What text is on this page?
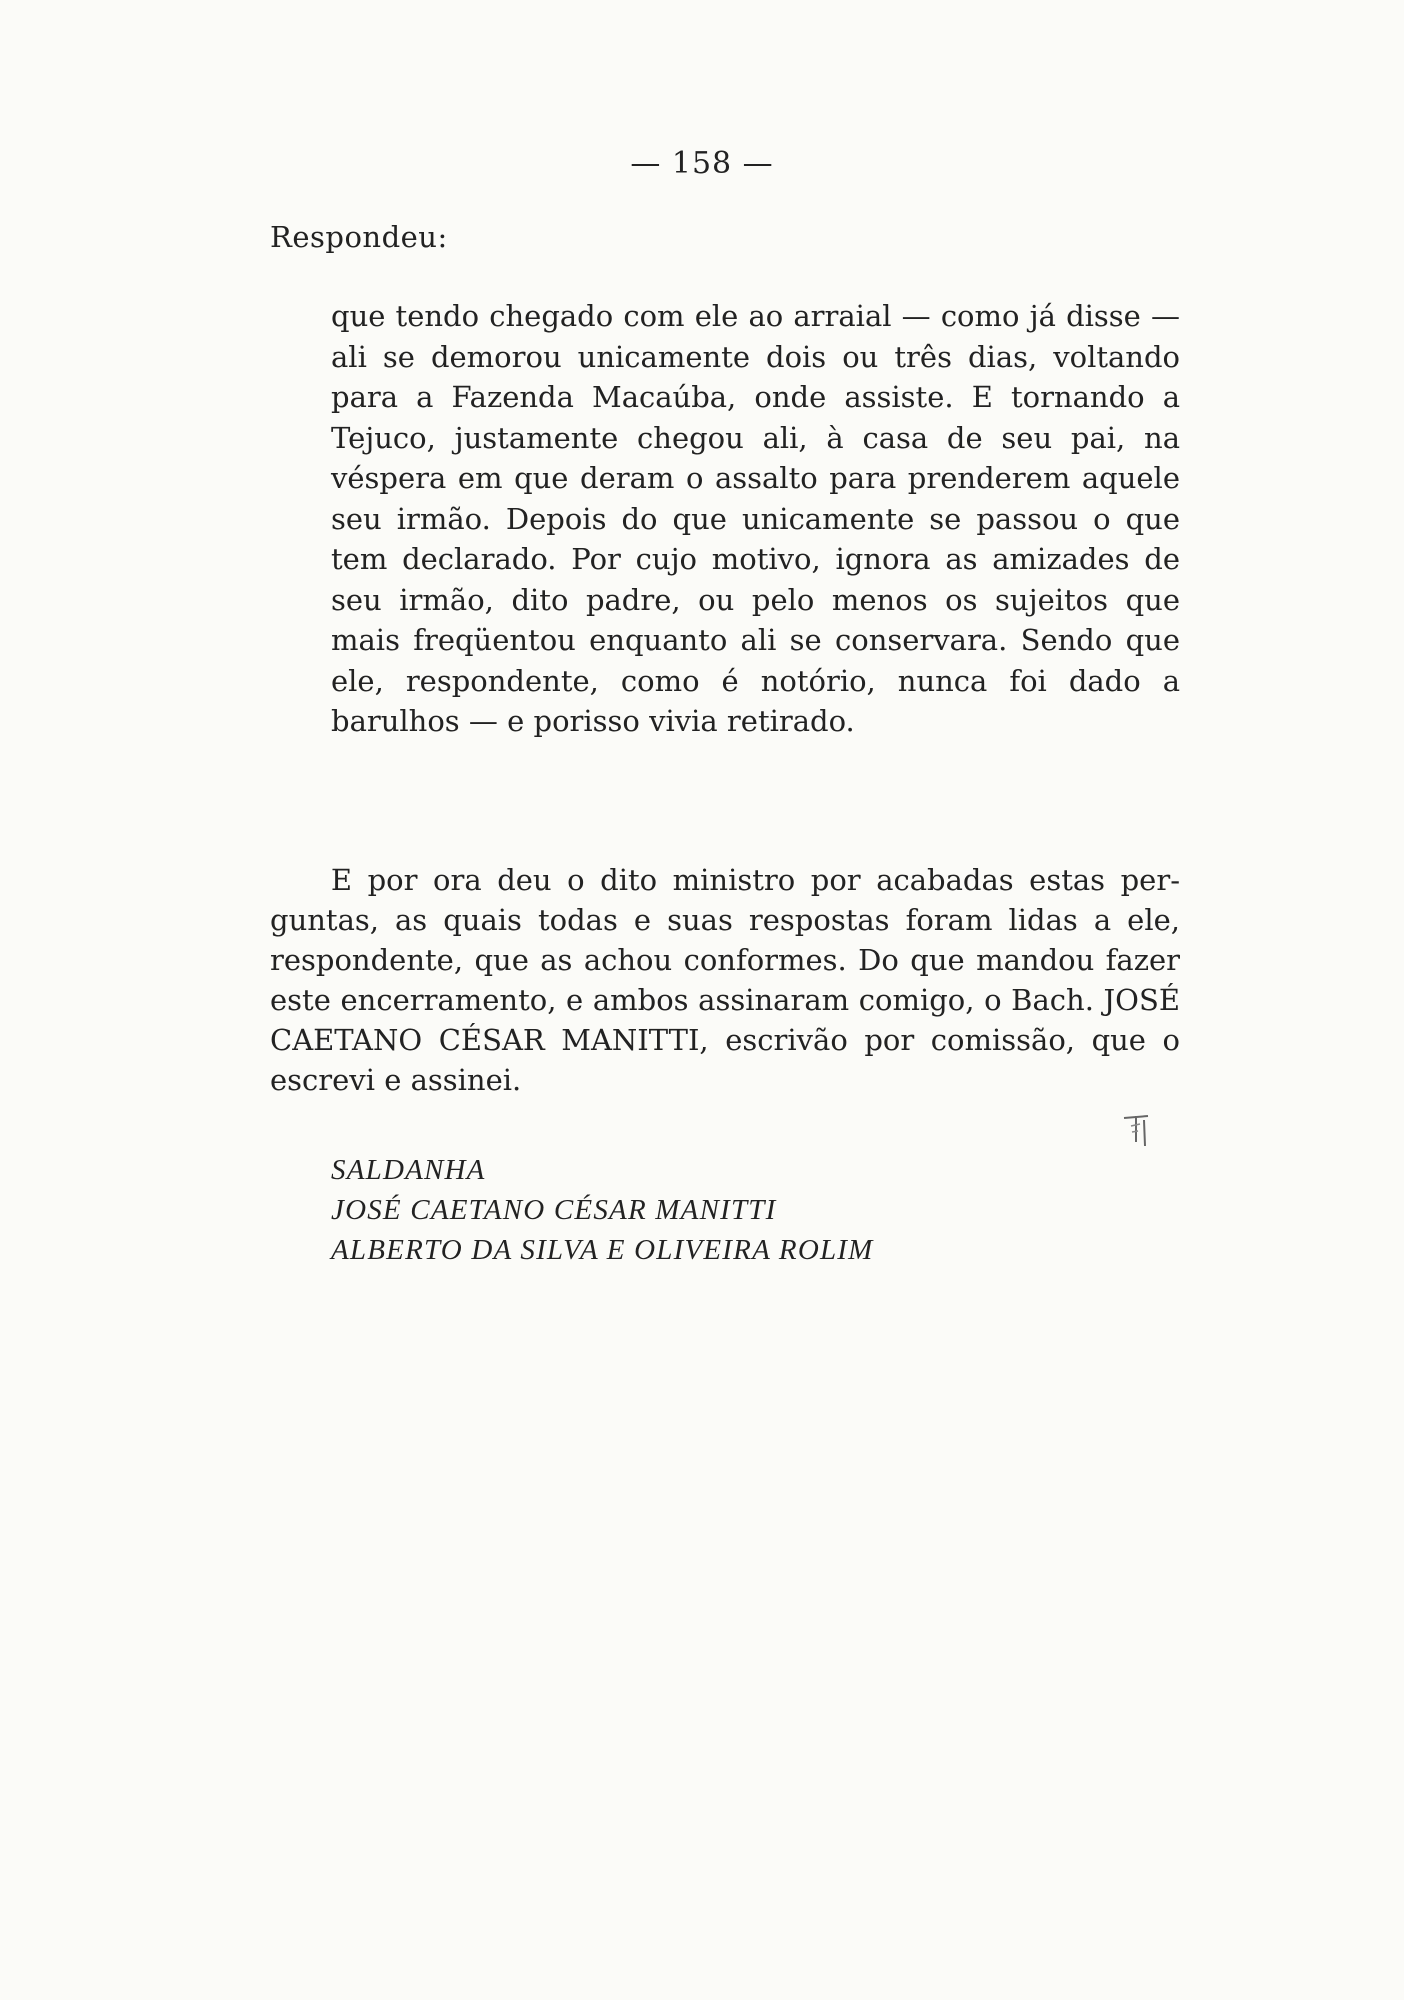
— 158 —
Respondeu:
que tendo chegado com ele ao arraial — como já disse — ali se demorou unicamente dois ou três dias, voltando para a Fazenda Macaúba, onde assiste. E tornando a Tejuco, justamente chegou ali, à casa de seu pai, na véspera em que deram o assalto para prenderem aquele seu irmão. Depois do que unicamente se passou o que tem declarado. Por cujo motivo, ignora as amizades de seu irmão, dito padre, ou pelo menos os sujeitos que mais freqüentou enquanto ali se conservara. Sendo que ele, respondente, como é notório, nunca foi dado a barulhos — e porisso vivia retirado.
E por ora deu o dito ministro por acabadas estas perguntas, as quais todas e suas respostas foram lidas a ele, respondente, que as achou conformes. Do que mandou fazer este encerramento, e ambos assinaram comigo, o Bach. JOSÉ CAETANO CÉSAR MANITTI, escrivão por comissão, que o escrevi e assinei.
SALDANHA
JOSÉ CAETANO CÉSAR MANITTI
ALBERTO DA SILVA E OLIVEIRA ROLIM
